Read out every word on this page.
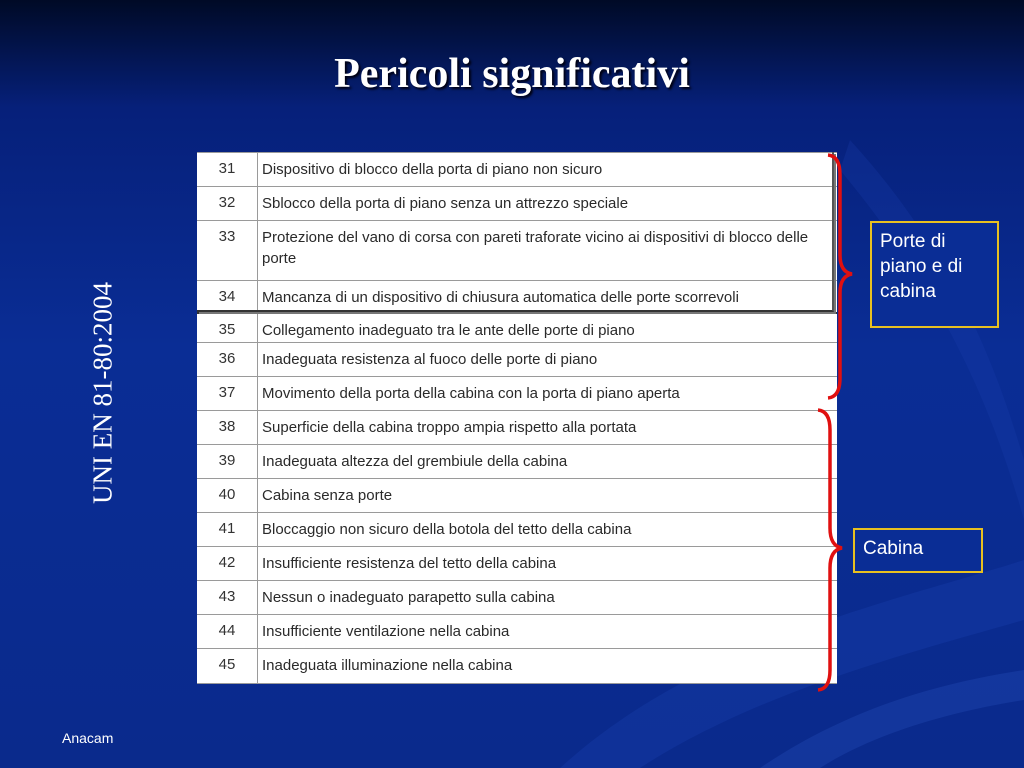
Pericoli significativi
UNI EN 81-80:2004
31	Dispositivo di blocco della porta di piano non sicuro
32	Sblocco della porta di piano senza un attrezzo speciale
33	Protezione del vano di corsa con pareti traforate vicino ai dispositivi di blocco delle porte
34	Mancanza di un dispositivo di chiusura automatica delle porte scorrevoli
35	Collegamento inadeguato tra le ante delle porte di piano
36	Inadeguata resistenza al fuoco delle porte di piano
37	Movimento della porta della cabina con la porta di piano aperta
38	Superficie della cabina troppo ampia rispetto alla portata
39	Inadeguata altezza del grembiule della cabina
40	Cabina senza porte
41	Bloccaggio non sicuro della botola del tetto della cabina
42	Insufficiente resistenza del tetto della cabina
43	Nessun o inadeguato parapetto sulla cabina
44	Insufficiente ventilazione nella cabina
45	Inadeguata illuminazione nella cabina
Porte di piano e di cabina
Cabina
Anacam
